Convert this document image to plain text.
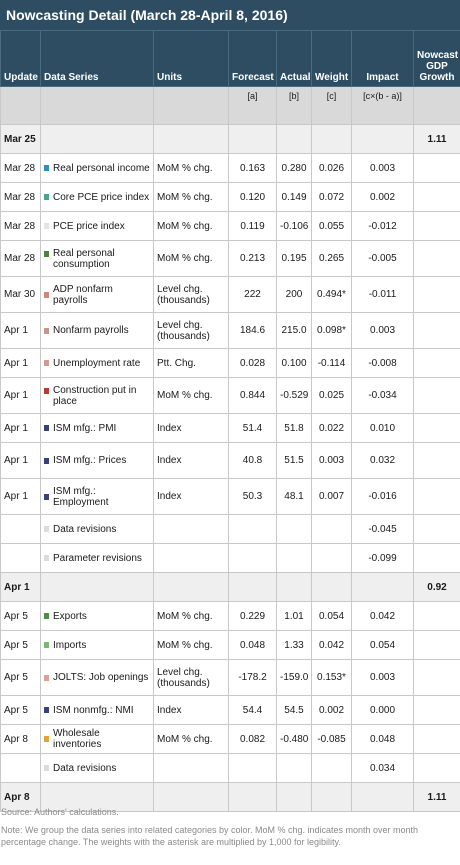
Nowcasting Detail (March 28-April 8, 2016)
Update	Data Series	Units	Forecast	Actual	Weight	Impact	Nowcast GDP Growth
			[a]	[b]	[c]	[c×(b - a)]	
Mar 25							1.11
Mar 28	Real personal income	MoM % chg.	0.163	0.280	0.026	0.003	
Mar 28	Core PCE price index	MoM % chg.	0.120	0.149	0.072	0.002	
Mar 28	PCE price index	MoM % chg.	0.119	-0.106	0.055	-0.012	
Mar 28	Real personal consumption	MoM % chg.	0.213	0.195	0.265	-0.005	
Mar 30	ADP nonfarm payrolls	Level chg. (thousands)	222	200	0.494*	-0.011	
Apr 1	Nonfarm payrolls	Level chg. (thousands)	184.6	215.0	0.098*	0.003	
Apr 1	Unemployment rate	Ptt. Chg.	0.028	0.100	-0.114	-0.008	
Apr 1	Construction put in place	MoM % chg.	0.844	-0.529	0.025	-0.034	
Apr 1	ISM mfg.: PMI	Index	51.4	51.8	0.022	0.010	
Apr 1	ISM mfg.: Prices	Index	40.8	51.5	0.003	0.032	
Apr 1	ISM mfg.: Employment	Index	50.3	48.1	0.007	-0.016	

	Data revisions					-0.045	

	Parameter revisions					-0.099	
Apr 1							0.92
Apr 5	Exports	MoM % chg.	0.229	1.01	0.054	0.042	
Apr 5	Imports	MoM % chg.	0.048	1.33	0.042	0.054	
Apr 5	JOLTS: Job openings	Level chg. (thousands)	-178.2	-159.0	0.153*	0.003	
Apr 5	ISM nonmfg.: NMI	Index	54.4	54.5	0.002	0.000	
Apr 8	Wholesale inventories	MoM % chg.	0.082	-0.480	-0.085	0.048	

	Data revisions					0.034	
Apr 8							1.11
Source: Authors' calculations.
Note: We group the data series into related categories by color. MoM % chg. indicates month over month percentage change. The weights with the asterisk are multiplied by 1,000 for legibility.
